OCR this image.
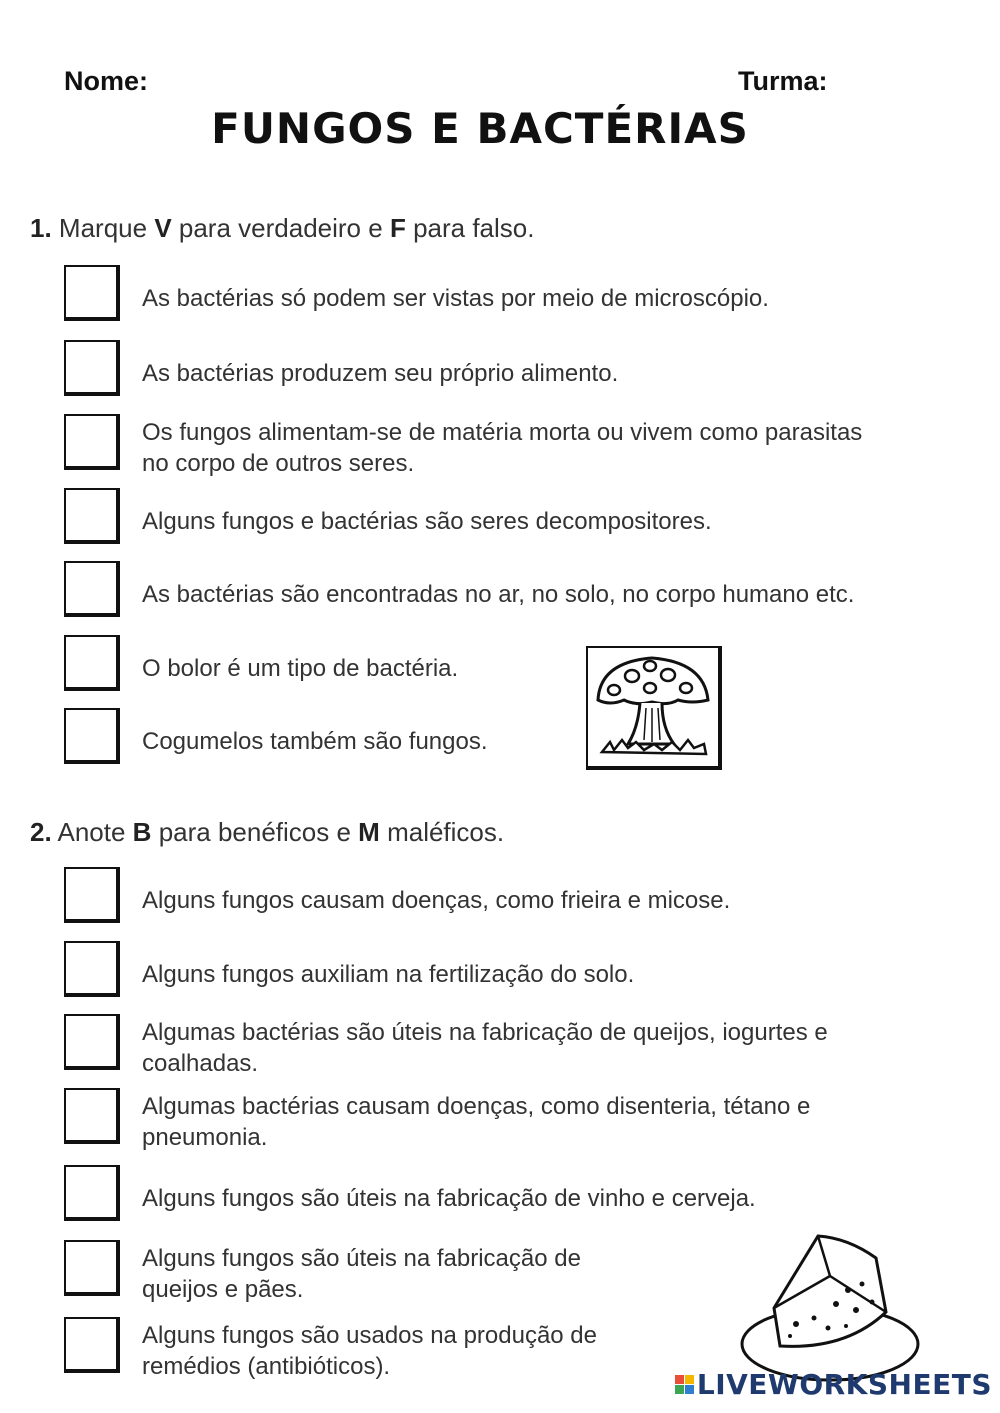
Nome:	Turma:
FUNGOS E BACTÉRIAS
1. Marque V para verdadeiro e F para falso.
As bactérias só podem ser vistas por meio de microscópio.
As bactérias produzem seu próprio alimento.
Os fungos alimentam-se de matéria morta ou vivem como parasitas
no corpo de outros seres.
Alguns fungos e bactérias são seres decompositores.
As bactérias são encontradas no ar, no solo, no corpo humano etc.
O bolor é um tipo de bactéria.
Cogumelos também são fungos.
2. Anote B para benéficos e M maléficos.
Alguns fungos causam doenças, como frieira e micose.
Alguns fungos auxiliam na fertilização do solo.
Algumas bactérias são úteis na fabricação de queijos, iogurtes e
coalhadas.
Algumas bactérias causam doenças, como disenteria, tétano e
pneumonia.
Alguns fungos são úteis na fabricação de vinho e cerveja.
Alguns fungos são úteis na fabricação de
queijos e pães.
Alguns fungos são usados na produção de
remédios (antibióticos).
LIVEWORKSHEETS
